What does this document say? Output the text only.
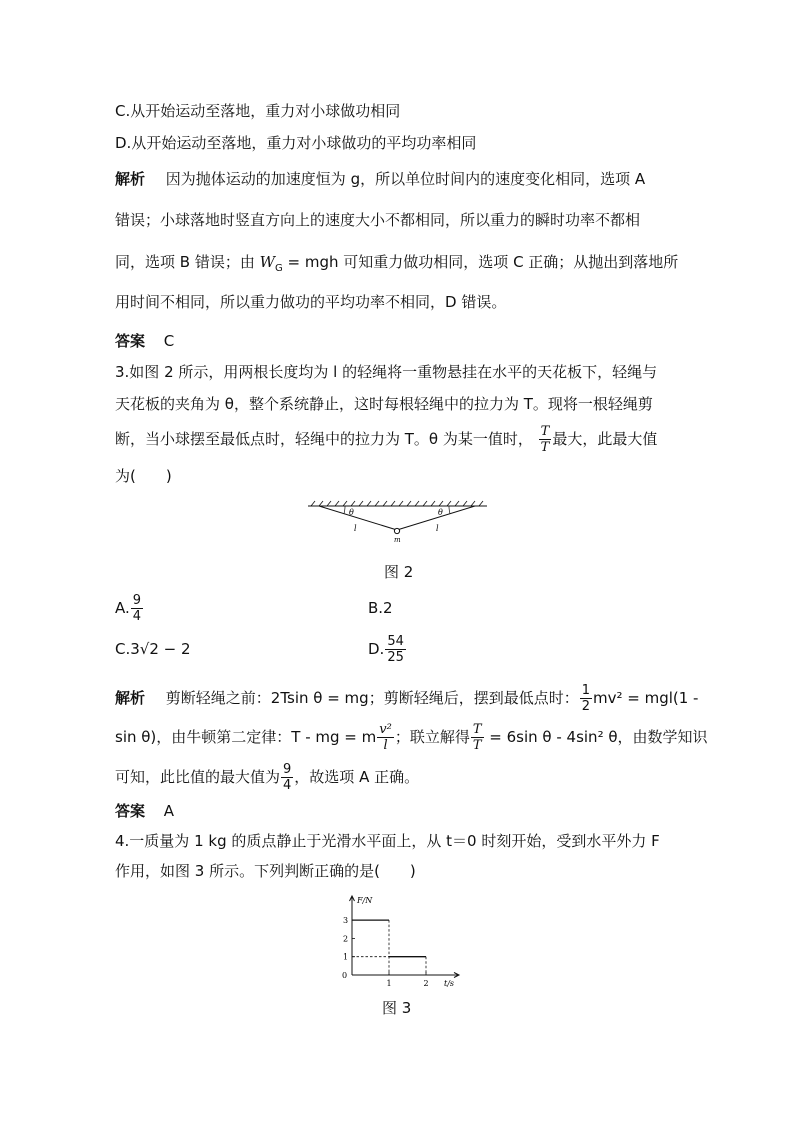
C.从开始运动至落地，重力对小球做功相同
D.从开始运动至落地，重力对小球做功的平均功率相同
解析 因为抛体运动的加速度恒为 g，所以单位时间内的速度变化相同，选项 A
错误；小球落地时竖直方向上的速度大小不都相同，所以重力的瞬时功率不都相
同，选项 B 错误；由 $W_G$ = mgh 可知重力做功相同，选项 C 正确；从抛出到落地所
用时间不相同，所以重力做功的平均功率不相同，D 错误。
答案 C
3.如图 2 所示，用两根长度均为 l 的轻绳将一重物悬挂在水平的天花板下，轻绳与
天花板的夹角为 θ，整个系统静止，这时每根轻绳中的拉力为 T。现将一根轻绳剪
断，当小球摆至最低点时，轻绳中的拉力为 T。θ 为某一值时， $\frac{T}{T}$ 最大，此最大值
为(　　)
θ	θ
l	l
m
图 2
A. $\frac{9}{4}$	B.2
C.3√2 − 2	D. $\frac{54}{25}$
解析 剪断轻绳之前：2Tsin θ = mg；剪断轻绳后，摆到最低点时： $\frac{1}{2} mv^2 = mgl(1$ -
sin θ)，由牛顿第二定律：T - mg = m $\frac{\text{v²}}{l}$ ；联立解得 $\frac{T}{T} = 6\sin$ θ - 4sin² θ，由数学知识
可知，此比值的最大值为 $\frac{9}{4}$ ，故选项 A 正确。
答案 A
4.一质量为 1 kg 的质点静止于光滑水平面上，从 t＝0 时刻开始，受到水平外力 F
作用，如图 3 所示。下列判断正确的是(　　)
F/N
t/s
0
1
2
3
1	2
图 3
